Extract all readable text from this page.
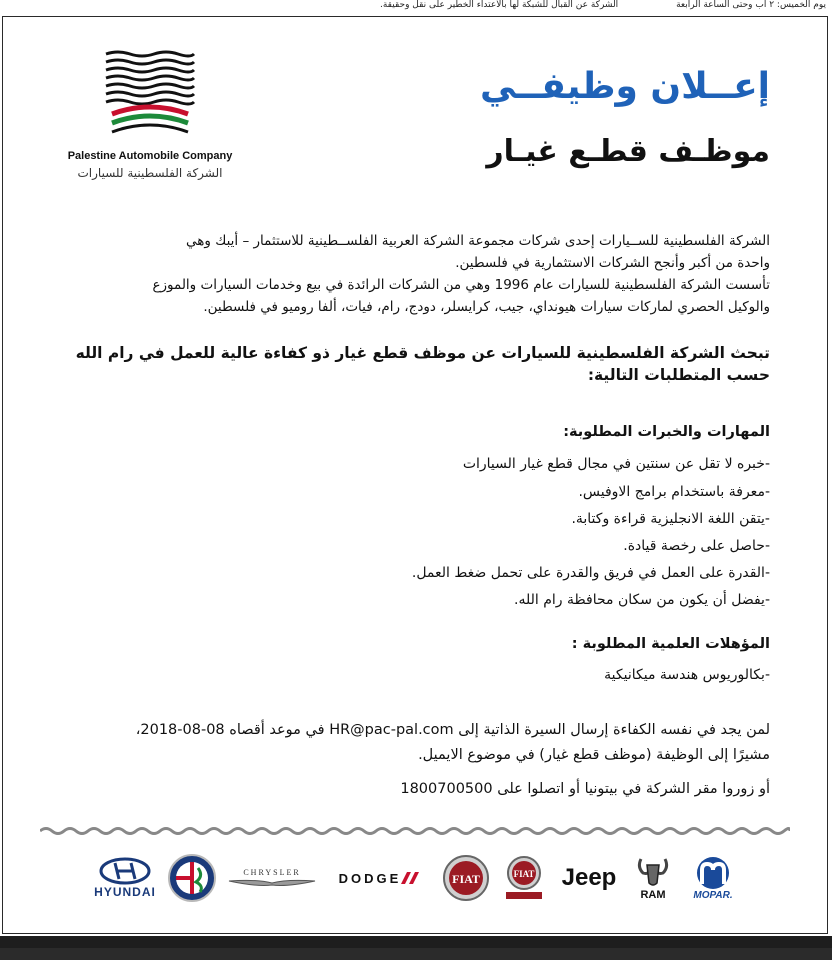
يوم الخميس: ٢ آب وحتى الساعة الرابعة
الشركة عن القبال للشبكة لها بالاعتداء الخطير على نقل وحقيقة.
Palestine Automobile Company
الشركة الفلسطينية للسيارات
إعــلان وظيفــي
موظـف قطـع غيـار
الشركة الفلسطينية للســيارات إحدى شركات مجموعة الشركة العربية الفلســطينية للاستثمار – أيبك وهي
واحدة من أكبر وأنجح الشركات الاستثمارية في فلسطين.
تأسست الشركة الفلسطينية للسيارات عام 1996 وهي من الشركات الرائدة في بيع وخدمات السيارات والموزع
والوكيل الحصري لماركات سيارات هيونداي، جيب، كرايسلر، دودج، رام، فيات، ألفا روميو في فلسطين.
تبحث الشركة الفلسطينية للسيارات عن موظف قطع غيار ذو كفاءة عالية للعمل في رام الله
حسب المتطلبات التالية:
المهارات والخبرات المطلوبة:
-خبره لا تقل عن سنتين في مجال قطع غيار السيارات
-معرفة باستخدام برامج الاوفيس.
-يتقن اللغة الانجليزية قراءة وكتابة.
-حاصل على رخصة قيادة.
-القدرة على العمل في فريق والقدرة على تحمل ضغط العمل.
-يفضل أن يكون من سكان محافظة رام الله.
المؤهلات العلمية المطلوبة :
-بكالوريوس هندسة ميكانيكية
لمن يجد في نفسه الكفاءة إرسال السيرة الذاتية إلى HR@pac-pal.com في موعد أقصاه 08-08-2018،
مشيرًا إلى الوظيفة (موظف قطع غيار) في موضوع الايميل.
أو زوروا مقر الشركة في بيتونيا أو اتصلوا على 1800700500
HYUNDAI
CHRYSLER	DODGE	FIAT	FIAT Jeep
RAM	MOPAR.
